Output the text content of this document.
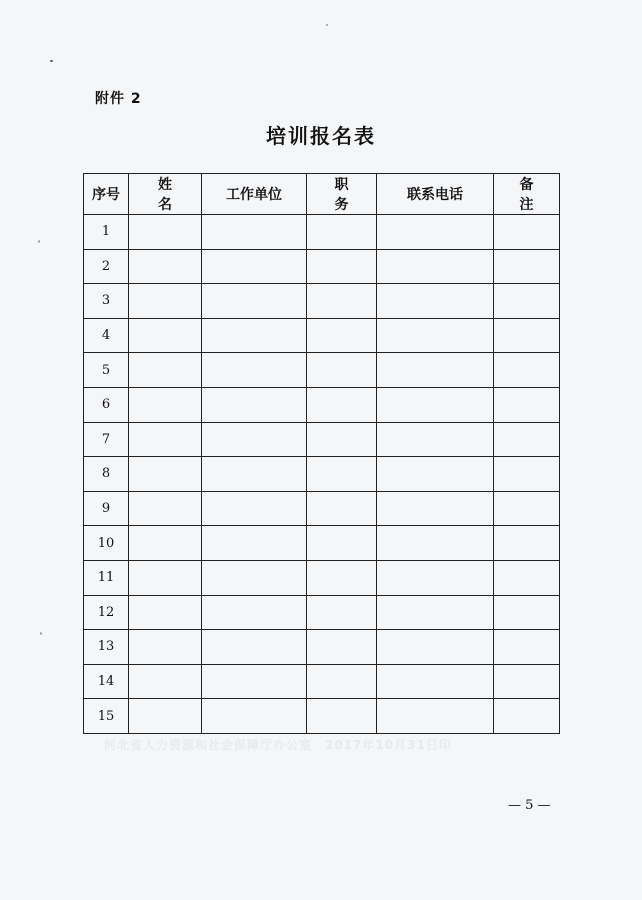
附件 2
培训报名表
序号	姓 名	工作单位	职 务	联系电话	备 注
1					
2					
3					
4					
5					
6					
7					
8					
9					
10					
11					
12					
13					
14					
15					
河北省人力资源和社会保障厅办公室　2017年10月31日印
— 5 —
